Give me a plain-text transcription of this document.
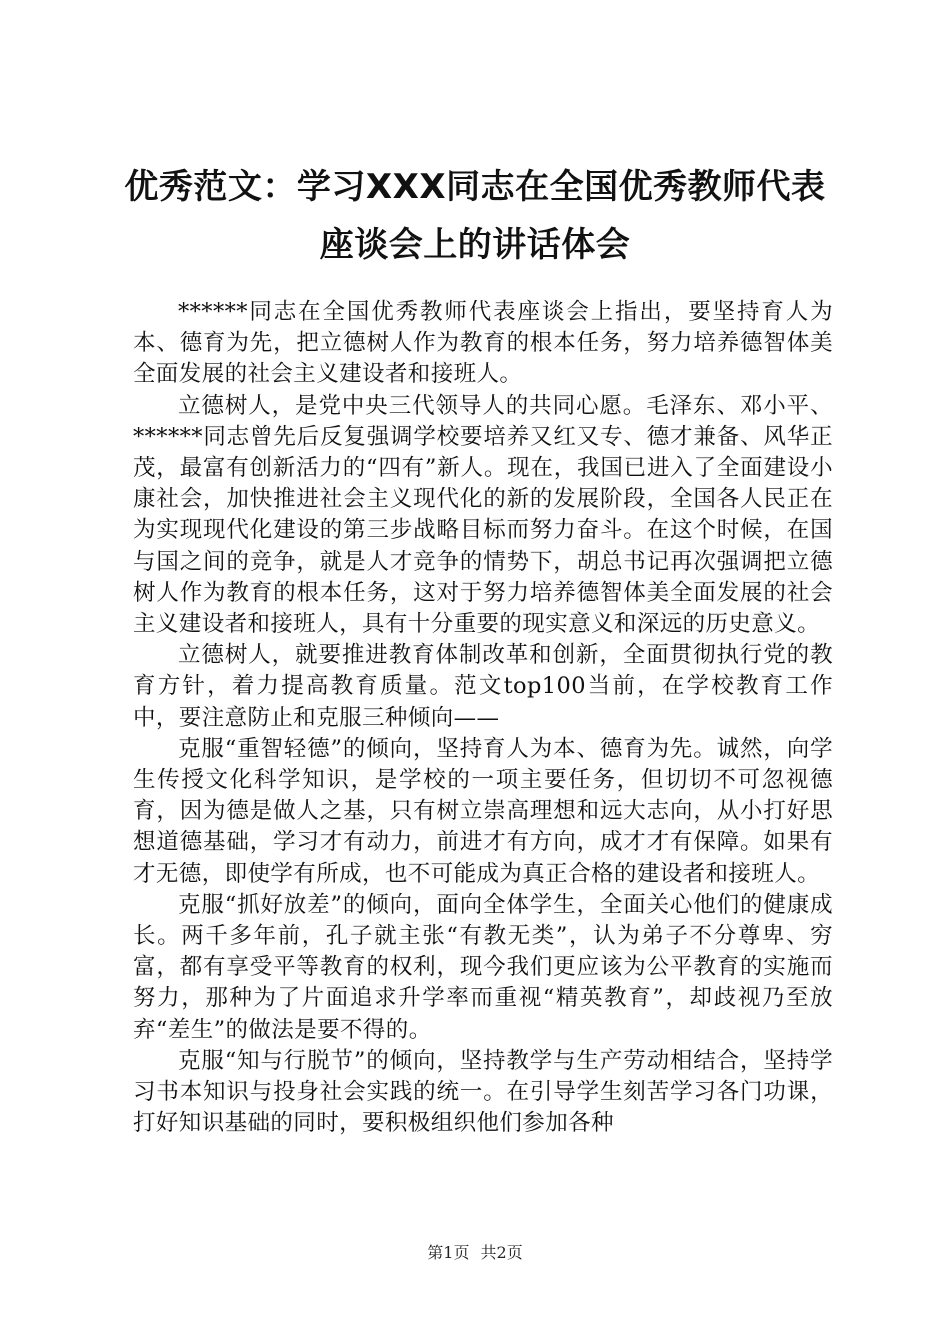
优秀范文：学习XXX同志在全国优秀教师代表
座谈会上的讲话体会

******同志在全国优秀教师代表座谈会上指出，要坚持育人为本、德育为先，把立德树人作为教育的根本任务，努力培养德智体美全面发展的社会主义建设者和接班人。

立德树人，是党中央三代领导人的共同心愿。毛泽东、邓小平、******同志曾先后反复强调学校要培养又红又专、德才兼备、风华正茂，最富有创新活力的“四有”新人。现在，我国已进入了全面建设小康社会，加快推进社会主义现代化的新的发展阶段，全国各人民正在为实现现代化建设的第三步战略目标而努力奋斗。在这个时候，在国与国之间的竞争，就是人才竞争的情势下，胡总书记再次强调把立德树人作为教育的根本任务，这对于努力培养德智体美全面发展的社会主义建设者和接班人，具有十分重要的现实意义和深远的历史意义。

立德树人，就要推进教育体制改革和创新，全面贯彻执行党的教育方针，着力提高教育质量。范文top100当前，在学校教育工作中，要注意防止和克服三种倾向——

克服“重智轻德”的倾向，坚持育人为本、德育为先。诚然，向学生传授文化科学知识，是学校的一项主要任务，但切切不可忽视德育，因为德是做人之基，只有树立崇高理想和远大志向，从小打好思想道德基础，学习才有动力，前进才有方向，成才才有保障。如果有才无德，即使学有所成，也不可能成为真正合格的建设者和接班人。

克服“抓好放差”的倾向，面向全体学生，全面关心他们的健康成长。两千多年前，孔子就主张“有教无类”，认为弟子不分尊卑、穷富，都有享受平等教育的权利，现今我们更应该为公平教育的实施而努力，那种为了片面追求升学率而重视“精英教育”，却歧视乃至放弃“差生”的做法是要不得的。

克服“知与行脱节”的倾向，坚持教学与生产劳动相结合，坚持学习书本知识与投身社会实践的统一。在引导学生刻苦学习各门功课，打好知识基础的同时，要积极组织他们参加各种

第1页 共2页
